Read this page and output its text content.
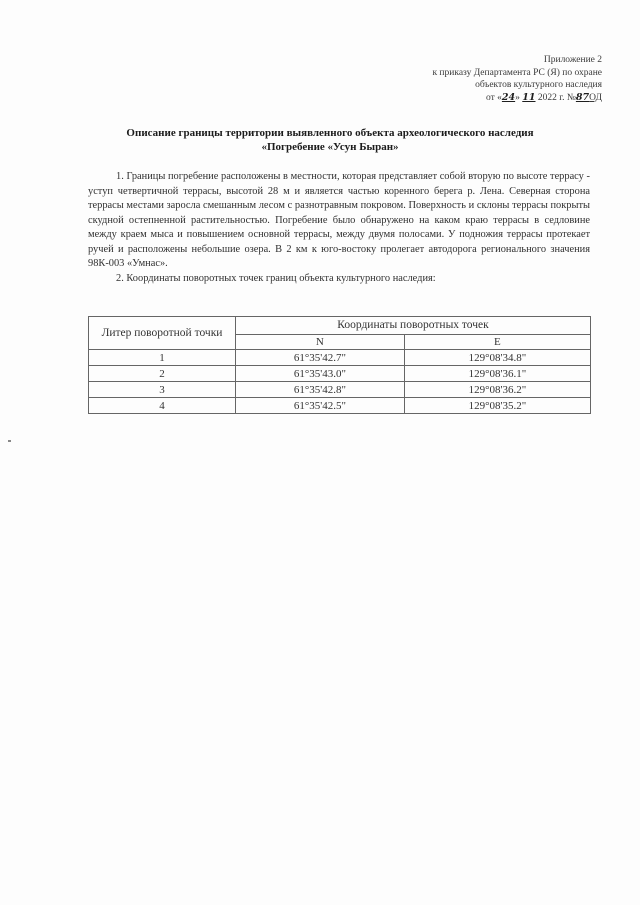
Приложение 2
к приказу Департамента РС (Я) по охране
объектов культурного наследия
от «24» 11 2022 г. №87ОД
Описание границы территории выявленного объекта археологического наследия
«Погребение «Усун Быран»

1. Границы погребение расположены в местности, которая представляет собой вторую по высоте террасу - уступ четвертичной террасы, высотой 28 м и является частью коренного берега р. Лена. Северная сторона террасы местами заросла смешанным лесом с разнотравным покровом. Поверхность и склоны террасы покрыты скудной остепненной растительностью. Погребение было обнаружено на каком краю террасы в седловине между краем мыса и повышением основной террасы, между двумя полосами. У подножия террасы протекает ручей и расположены небольшие озера. В 2 км к юго-востоку пролегает автодорога регионального значения 98К-003 «Умнас».

2. Координаты поворотных точек границ объекта культурного наследия:

Литер поворотной точки	Координаты поворотных точек	
	N	E
1	61°35'42.7"	129°08'34.8"
2	61°35'43.0"	129°08'36.1"
3	61°35'42.8"	129°08'36.2"
4	61°35'42.5"	129°08'35.2"
